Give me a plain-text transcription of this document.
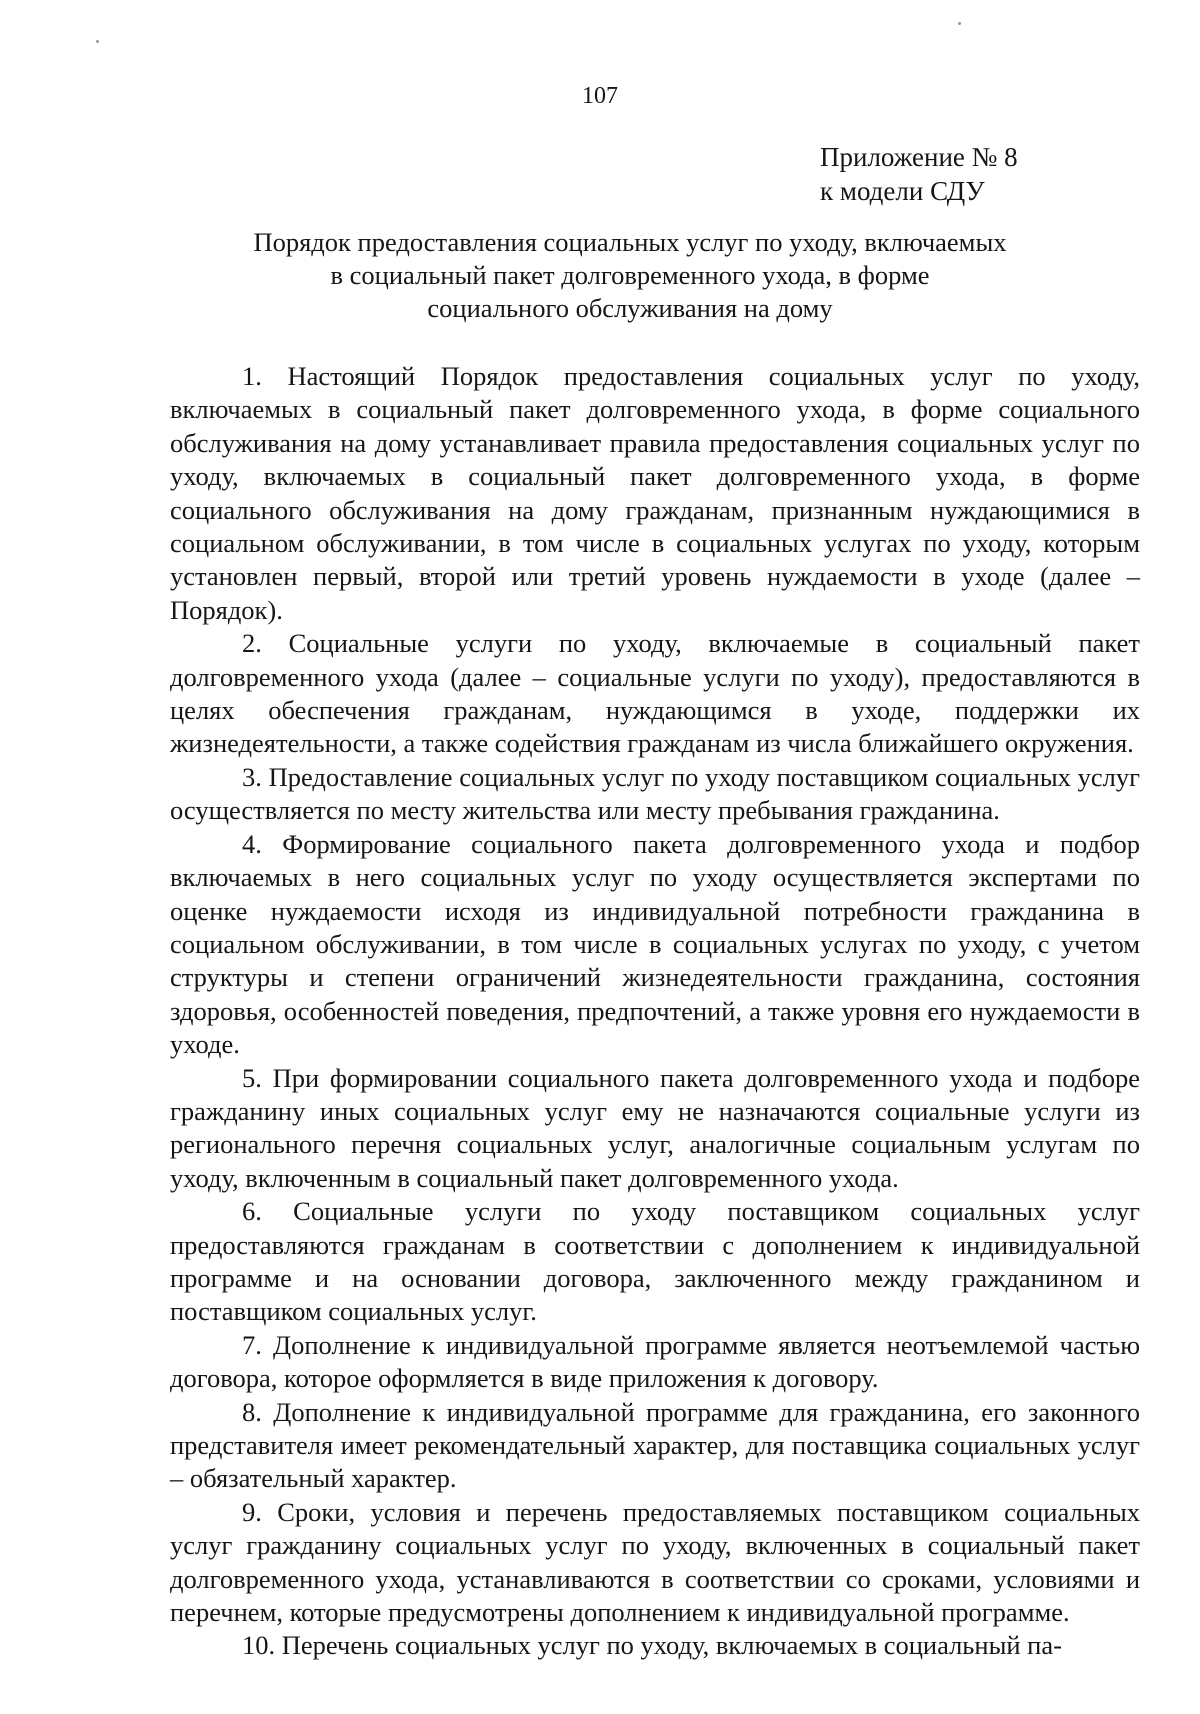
107
Приложение № 8
к модели СДУ
Порядок предоставления социальных услуг по уходу, включаемых
в социальный пакет долговременного ухода, в форме
социального обслуживания на дому

1. Настоящий Порядок предоставления социальных услуг по уходу, включаемых в социальный пакет долговременного ухода, в форме социального обслуживания на дому устанавливает правила предоставления социальных услуг по уходу, включаемых в социальный пакет долговременного ухода, в форме социального обслуживания на дому гражданам, признанным нуждающимися в социальном обслуживании, в том числе в социальных услугах по уходу, которым установлен первый, второй или третий уровень нуждаемости в уходе (далее – Порядок).

2. Социальные услуги по уходу, включаемые в социальный пакет долговременного ухода (далее – социальные услуги по уходу), предоставляются в целях обеспечения гражданам, нуждающимся в уходе, поддержки их жизнедеятельности, а также содействия гражданам из числа ближайшего окружения.

3. Предоставление социальных услуг по уходу поставщиком социальных услуг осуществляется по месту жительства или месту пребывания гражданина.

4. Формирование социального пакета долговременного ухода и подбор включаемых в него социальных услуг по уходу осуществляется экспертами по оценке нуждаемости исходя из индивидуальной потребности гражданина в социальном обслуживании, в том числе в социальных услугах по уходу, с учетом структуры и степени ограничений жизнедеятельности гражданина, состояния здоровья, особенностей поведения, предпочтений, а также уровня его нуждаемости в уходе.

5. При формировании социального пакета долговременного ухода и подборе гражданину иных социальных услуг ему не назначаются социальные услуги из регионального перечня социальных услуг, аналогичные социальным услугам по уходу, включенным в социальный пакет долговременного ухода.

6. Социальные услуги по уходу поставщиком социальных услуг предоставляются гражданам в соответствии с дополнением к индивидуальной программе и на основании договора, заключенного между гражданином и поставщиком социальных услуг.

7. Дополнение к индивидуальной программе является неотъемлемой частью договора, которое оформляется в виде приложения к договору.

8. Дополнение к индивидуальной программе для гражданина, его законного представителя имеет рекомендательный характер, для поставщика социальных услуг – обязательный характер.

9. Сроки, условия и перечень предоставляемых поставщиком социальных услуг гражданину социальных услуг по уходу, включенных в социальный пакет долговременного ухода, устанавливаются в соответствии со сроками, условиями и перечнем, которые предусмотрены дополнением к индивидуальной программе.

10. Перечень социальных услуг по уходу, включаемых в социальный па-
